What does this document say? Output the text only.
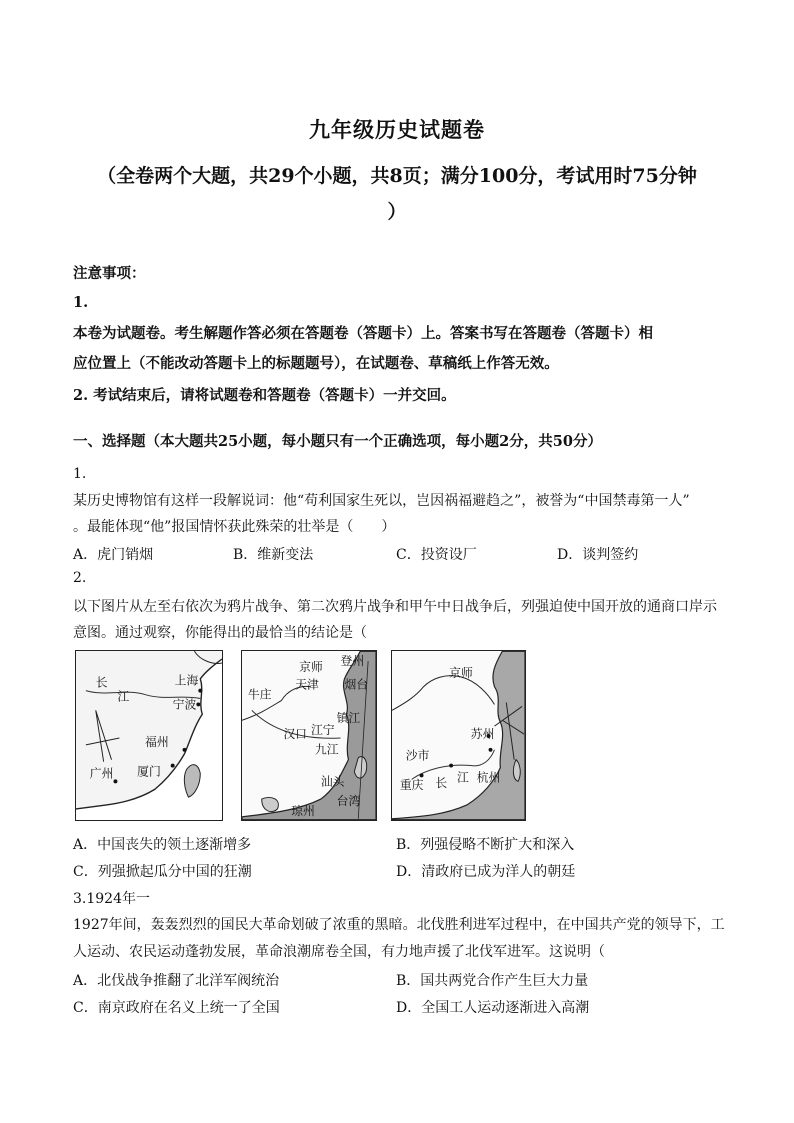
九年级历史试题卷
（全卷两个大题，共29个小题，共8页；满分100分，考试用时75分钟
）
注意事项：
1.
本卷为试题卷。考生解题作答必须在答题卷（答题卡）上。答案书写在答题卷（答题卡）相
应位置上（不能改动答题卡上的标题题号），在试题卷、草稿纸上作答无效。
2. 考试结束后，请将试题卷和答题卷（答题卡）一并交回。
一、选择题（本大题共25小题，每小题只有一个正确选项，每小题2分，共50分）
1.
某历史博物馆有这样一段解说词：他“苟利国家生死以，岂因祸福避趋之”，被誉为“中国禁毒第一人”
。最能体现“他”报国情怀获此殊荣的壮举是（　　）
A．虎门销烟	B．维新变法	C．投资设厂	D．谈判签约
2.
以下图片从左至右依次为鸦片战争、第二次鸦片战争和甲午中日战争后，列强迫使中国开放的通商口岸示
意图。通过观察，你能得出的最恰当的结论是（
长
江
上海
宁波
福州
广州 厦门
京师
天津
登州
烟台
牛庄
汉口
镇江
江宁
九江
汕头
台湾
琼州
京师
苏州
沙市
重庆 长 江 杭州
A．中国丧失的领土逐渐增多	B．列强侵略不断扩大和深入
C．列强掀起瓜分中国的狂潮	D．清政府已成为洋人的朝廷
3.1924年一
1927年间，轰轰烈烈的国民大革命划破了浓重的黑暗。北伐胜利进军过程中，在中国共产党的领导下，工
人运动、农民运动蓬勃发展，革命浪潮席卷全国，有力地声援了北伐军进军。这说明（
A．北伐战争推翻了北洋军阀统治	B．国共两党合作产生巨大力量
C．南京政府在名义上统一了全国	D．全国工人运动逐渐进入高潮
